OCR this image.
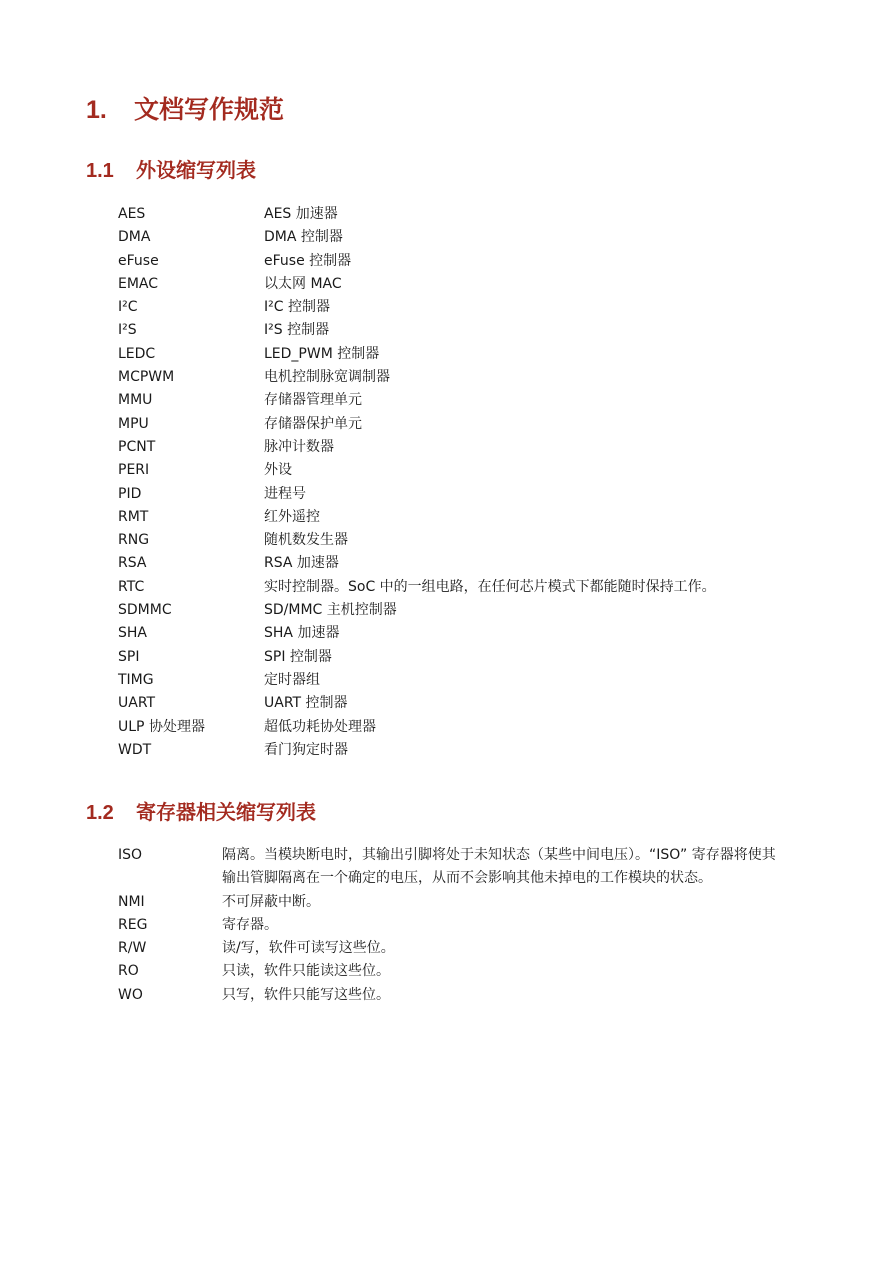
1. 文档写作规范
1.1 外设缩写列表
AES	AES 加速器
DMA	DMA 控制器
eFuse	eFuse 控制器
EMAC	以太网 MAC
I²C	I²C 控制器
I²S	I²S 控制器
LEDC	LED_PWM 控制器
MCPWM	电机控制脉宽调制器
MMU	存储器管理单元
MPU	存储器保护单元
PCNT	脉冲计数器
PERI	外设
PID	进程号
RMT	红外遥控
RNG	随机数发生器
RSA	RSA 加速器
RTC	实时控制器。SoC 中的一组电路，在任何芯片模式下都能随时保持工作。
SDMMC	SD/MMC 主机控制器
SHA	SHA 加速器
SPI	SPI 控制器
TIMG	定时器组
UART	UART 控制器
ULP 协处理器	超低功耗协处理器
WDT	看门狗定时器
1.2 寄存器相关缩写列表
ISO	隔离。当模块断电时，其输出引脚将处于未知状态（某些中间电压）。“ISO” 寄存器将使其输出管脚隔离在一个确定的电压，从而不会影响其他未掉电的工作模块的状态。
NMI	不可屏蔽中断。
REG	寄存器。
R/W	读/写，软件可读写这些位。
RO	只读，软件只能读这些位。
WO	只写，软件只能写这些位。
